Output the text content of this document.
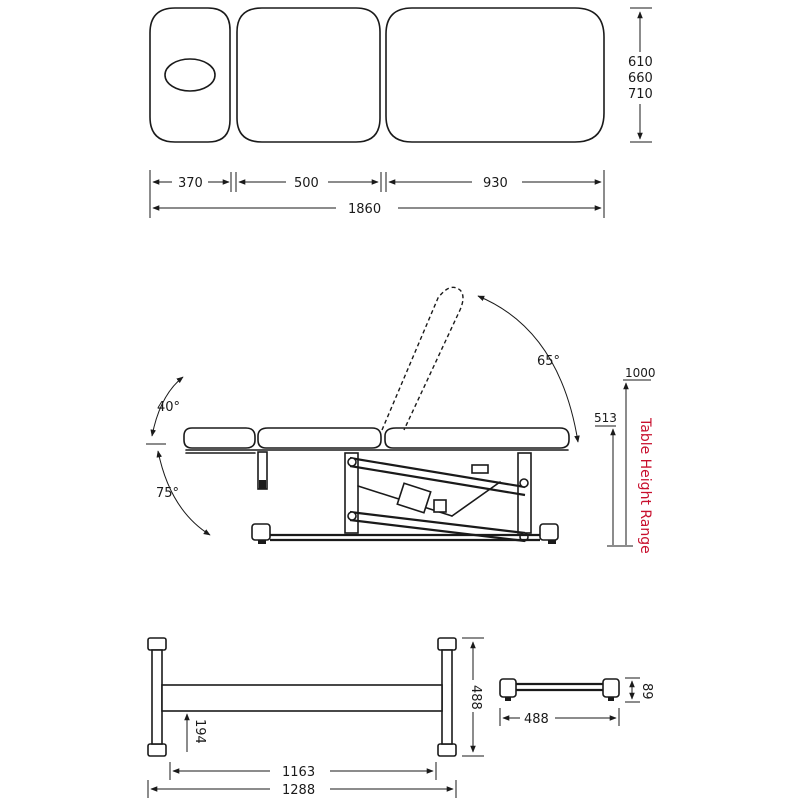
610
660
710
370	500	930
1860
40°
75°
65°
1000
513 Table Height Range
488
194
1163
1288
89
488
